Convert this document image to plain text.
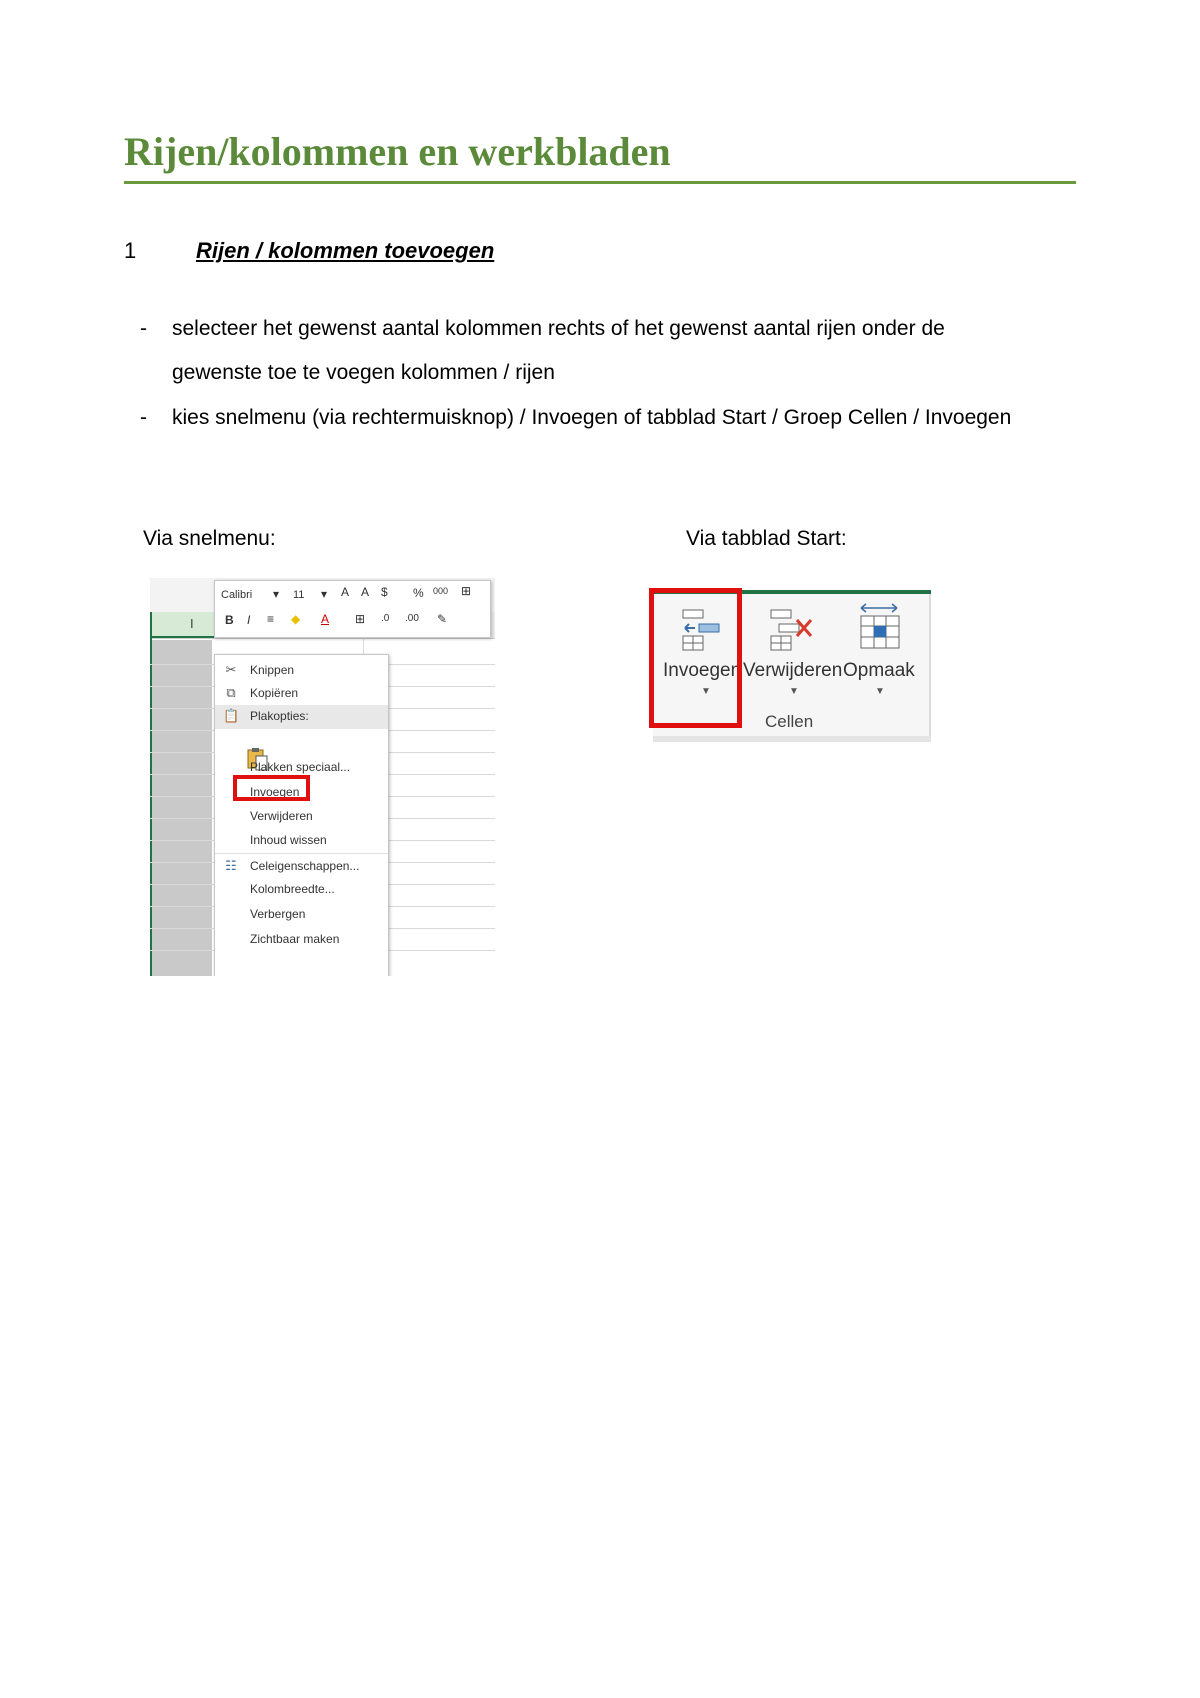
Rijen/kolommen en werkbladen
1	Rijen / kolommen toevoegen
- selecteer het gewenst aantal kolommen rechts of het gewenst aantal rijen onder de gewenste toe te voegen kolommen / rijen
- kies snelmenu (via rechtermuisknop) / Invoegen of tabblad Start / Groep Cellen / Invoegen
Via snelmenu:	Via tabblad Start:
I
Calibri ▾ 11 ▾ A A $ % 000 ⊞
B I ≡ ◆ A ⊞ .0 .00 ✎
✂ Knippen
⧉ Kopiëren
📋 Plakopties:
Plakken speciaal...
Invoegen
Verwijderen
Inhoud wissen
☷ Celeigenschappen...
Kolombreedte...
Verbergen
Zichtbaar maken
Invoegen
▼
Verwijderen
▼
Opmaak
▼
Cellen
